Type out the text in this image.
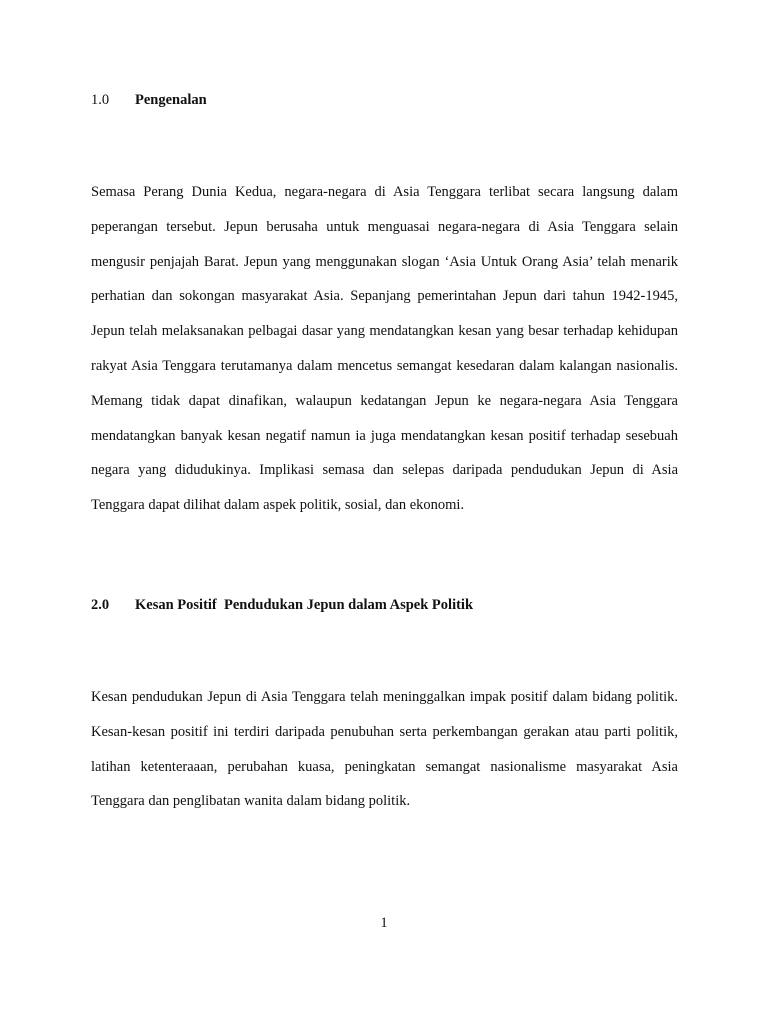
1.0 Pengenalan

Semasa Perang Dunia Kedua, negara-negara di Asia Tenggara terlibat secara langsung dalam peperangan tersebut. Jepun berusaha untuk menguasai negara-negara di Asia Tenggara selain mengusir penjajah Barat. Jepun yang menggunakan slogan ‘Asia Untuk Orang Asia’ telah menarik perhatian dan sokongan masyarakat Asia. Sepanjang pemerintahan Jepun dari tahun 1942-1945, Jepun telah melaksanakan pelbagai dasar yang mendatangkan kesan yang besar terhadap kehidupan rakyat Asia Tenggara terutamanya dalam mencetus semangat kesedaran dalam kalangan nasionalis. Memang tidak dapat dinafikan, walaupun kedatangan Jepun ke negara-negara Asia Tenggara mendatangkan banyak kesan negatif namun ia juga mendatangkan kesan positif terhadap sesebuah negara yang didudukinya. Implikasi semasa dan selepas daripada pendudukan Jepun di Asia Tenggara dapat dilihat dalam aspek politik, sosial, dan ekonomi.

2.0 Kesan Positif  Pendudukan Jepun dalam Aspek Politik

Kesan pendudukan Jepun di Asia Tenggara telah meninggalkan impak positif dalam bidang politik. Kesan-kesan positif ini terdiri daripada penubuhan serta perkembangan gerakan atau parti politik, latihan ketenteraaan, perubahan kuasa, peningkatan semangat nasionalisme masyarakat Asia Tenggara dan penglibatan wanita dalam bidang politik.

1
